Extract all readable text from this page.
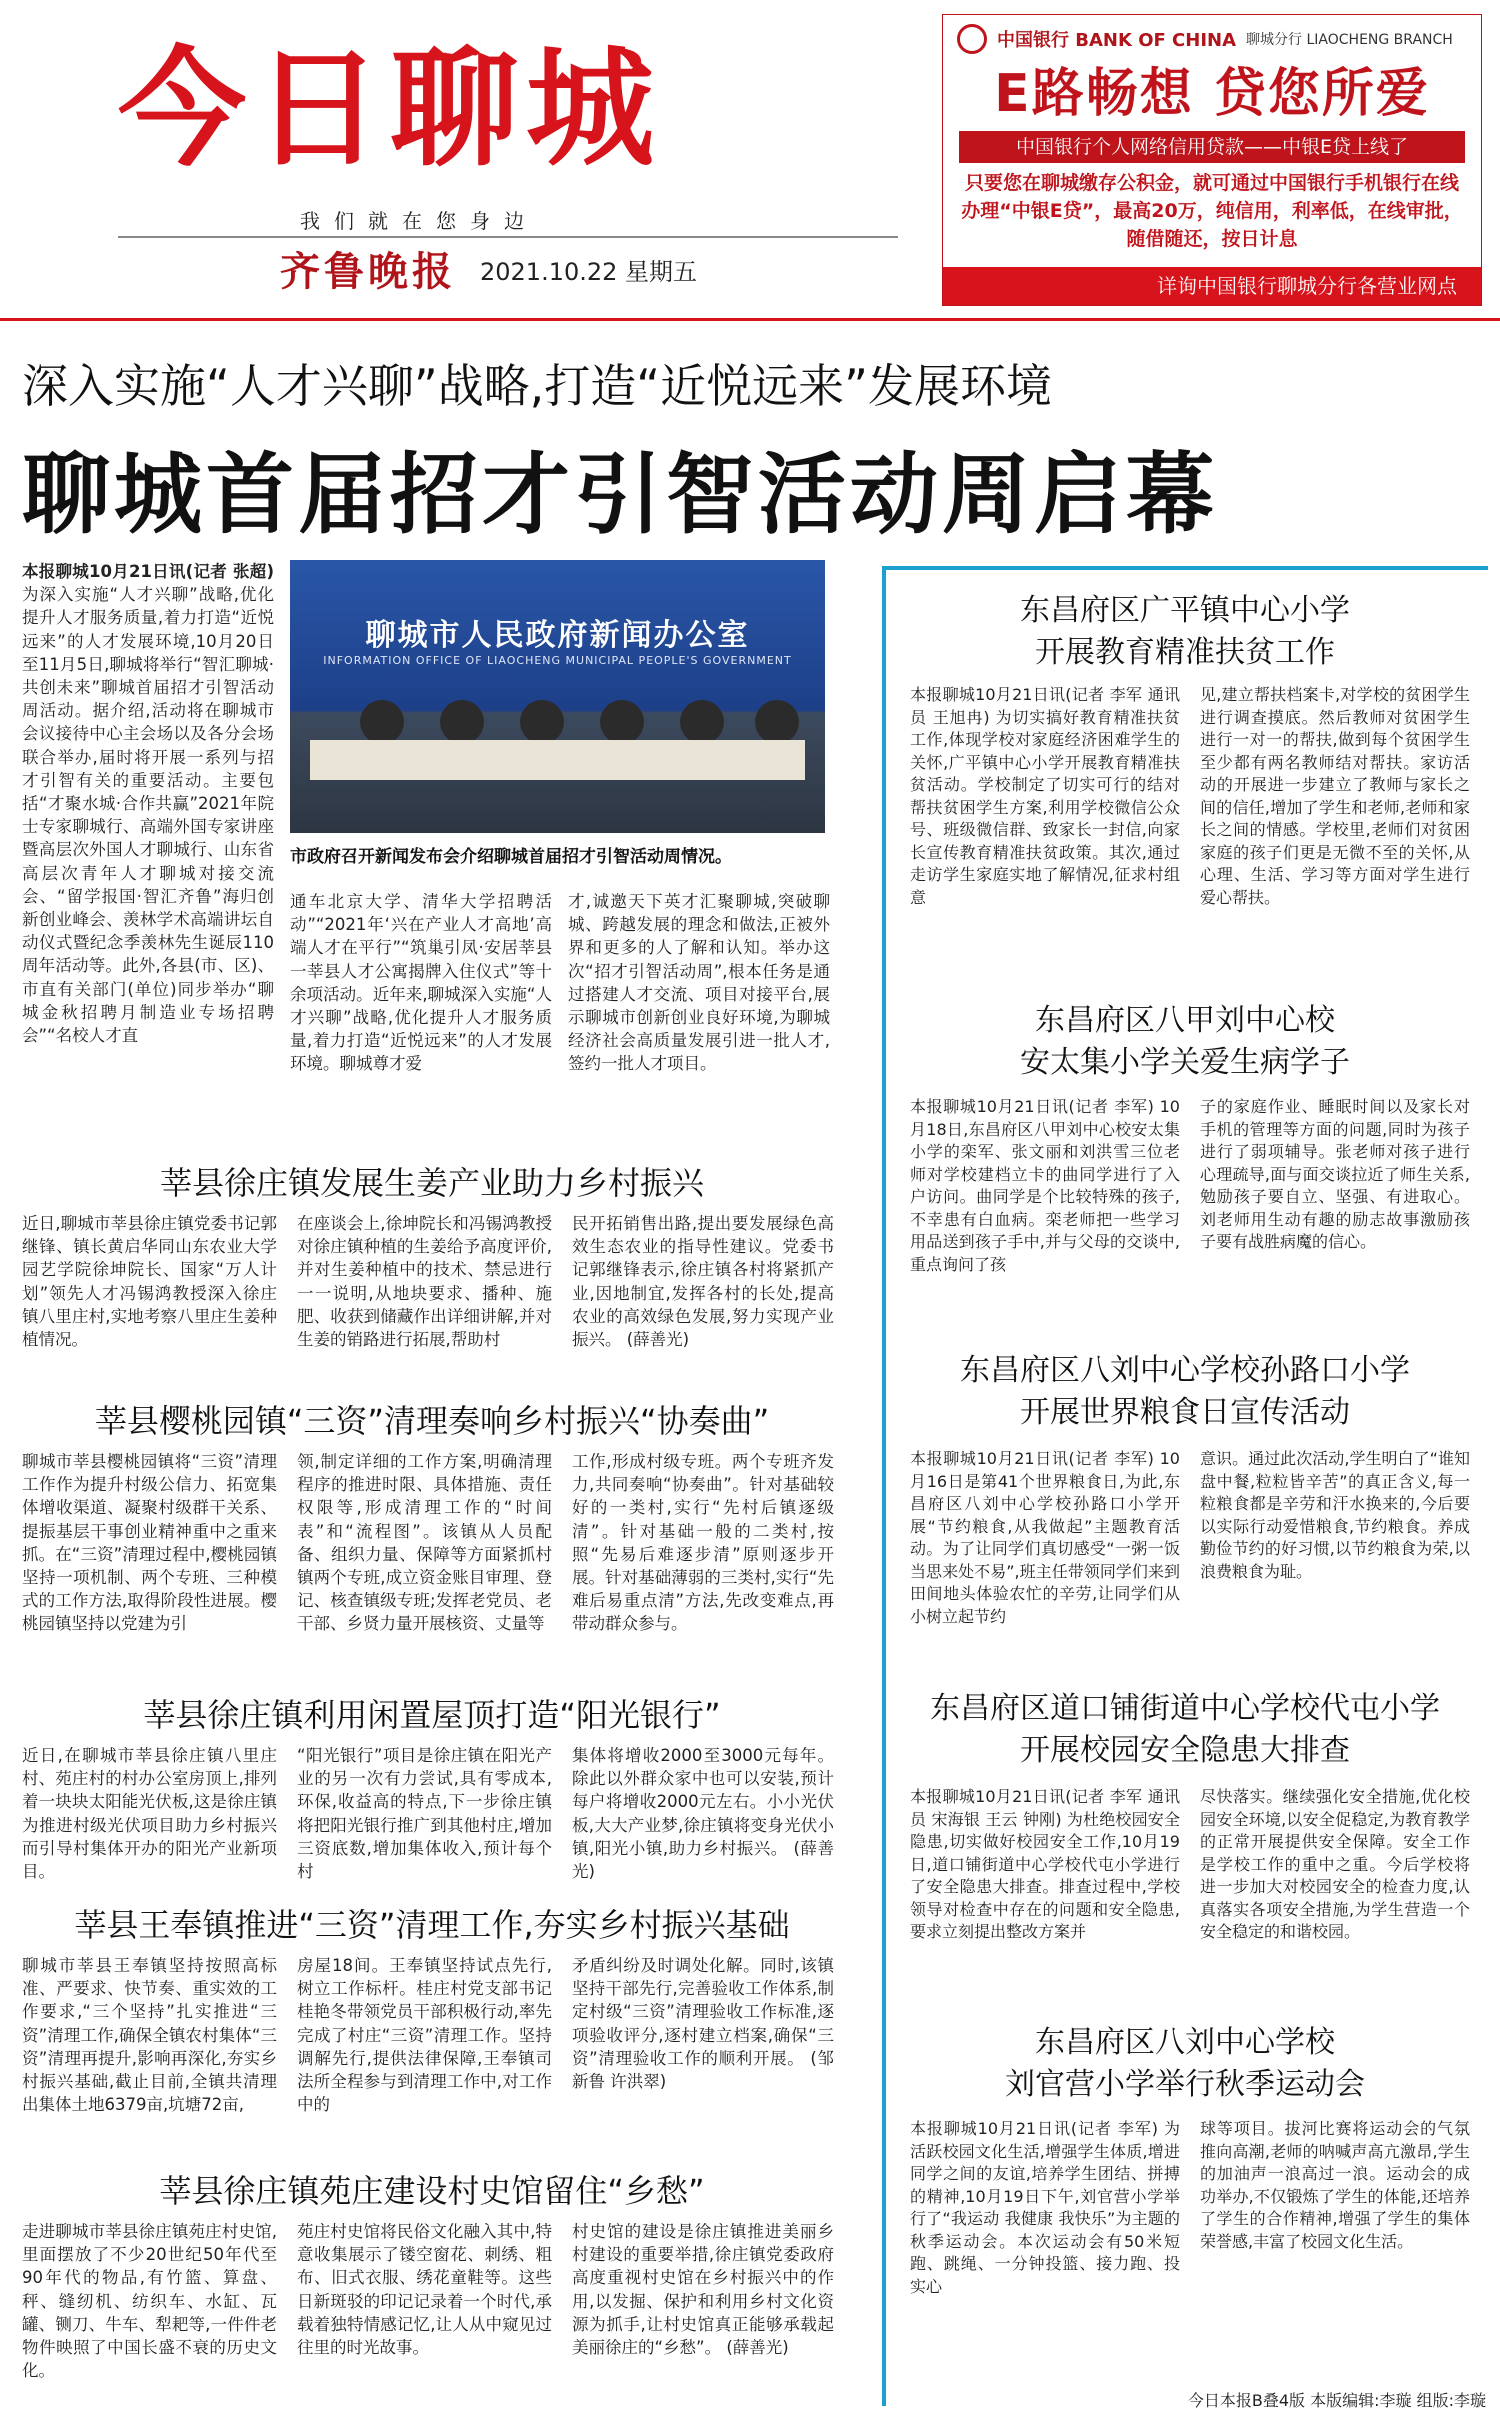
今日聊城
我们就在您身边
齐鲁晚报 2021.10.22 星期五
中国银行 BANK OF CHINA 聊城分行 LIAOCHENG BRANCH
E路畅想 贷您所爱
中国银行个人网络信用贷款——中银E贷上线了
只要您在聊城缴存公积金，就可通过中国银行手机银行在线办理“中银E贷”，最高20万，纯信用，利率低，在线审批，随借随还，按日计息
详询中国银行聊城分行各营业网点
深入实施“人才兴聊”战略,打造“近悦远来”发展环境
聊城首届招才引智活动周启幕
本报聊城10月21日讯(记者 张超) 为深入实施“人才兴聊”战略,优化提升人才服务质量,着力打造“近悦远来”的人才发展环境,10月20日至11月5日,聊城将举行“智汇聊城·共创未来”聊城首届招才引智活动周活动。据介绍,活动将在聊城市会议接待中心主会场以及各分会场联合举办,届时将开展一系列与招才引智有关的重要活动。主要包括“才聚水城·合作共赢”2021年院士专家聊城行、高端外国专家讲座暨高层次外国人才聊城行、山东省高层次青年人才聊城对接交流会、“留学报国·智汇齐鲁”海归创新创业峰会、羡林学术高端讲坛自动仪式暨纪念季羡林先生诞辰110周年活动等。此外,各县(市、区)、市直有关部门(单位)同步举办“聊城金秋招聘月制造业专场招聘会”“名校人才直
聊城市人民政府新闻办公室
INFORMATION OFFICE OF LIAOCHENG MUNICIPAL PEOPLE'S GOVERNMENT
市政府召开新闻发布会介绍聊城首届招才引智活动周情况。
通车北京大学、清华大学招聘活动”“2021年‘兴在产业人才高地’高端人才在平行”“筑巢引凤·安居莘县一莘县人才公寓揭牌入住仪式”等十余项活动。近年来,聊城深入实施“人才兴聊”战略,优化提升人才服务质量,着力打造“近悦远来”的人才发展环境。聊城尊才爱
才,诚邀天下英才汇聚聊城,突破聊城、跨越发展的理念和做法,正被外界和更多的人了解和认知。举办这次“招才引智活动周”,根本任务是通过搭建人才交流、项目对接平台,展示聊城市创新创业良好环境,为聊城经济社会高质量发展引进一批人才,签约一批人才项目。
莘县徐庄镇发展生姜产业助力乡村振兴
近日,聊城市莘县徐庄镇党委书记郭继锋、镇长黄启华同山东农业大学园艺学院徐坤院长、国家“万人计划”领先人才冯锡鸿教授深入徐庄镇八里庄村,实地考察八里庄生姜种植情况。
在座谈会上,徐坤院长和冯锡鸿教授对徐庄镇种植的生姜给予高度评价,并对生姜种植中的技术、禁忌进行一一说明,从地块要求、播种、施肥、收获到储藏作出详细讲解,并对生姜的销路进行拓展,帮助村
民开拓销售出路,提出要发展绿色高效生态农业的指导性建议。党委书记郭继锋表示,徐庄镇各村将紧抓产业,因地制宜,发挥各村的长处,提高农业的高效绿色发展,努力实现产业振兴。 (薛善光)
莘县樱桃园镇“三资”清理奏响乡村振兴“协奏曲”
聊城市莘县樱桃园镇将“三资”清理工作作为提升村级公信力、拓宽集体增收渠道、凝聚村级群干关系、提振基层干事创业精神重中之重来抓。在“三资”清理过程中,樱桃园镇坚持一项机制、两个专班、三种模式的工作方法,取得阶段性进展。樱桃园镇坚持以党建为引
领,制定详细的工作方案,明确清理程序的推进时限、具体措施、责任权限等,形成清理工作的“时间表”和“流程图”。该镇从人员配备、组织力量、保障等方面紧抓村镇两个专班,成立资金账目审理、登记、核查镇级专班;发挥老党员、老干部、乡贤力量开展核资、丈量等
工作,形成村级专班。两个专班齐发力,共同奏响“协奏曲”。针对基础较好的一类村,实行“先村后镇逐级清”。针对基础一般的二类村,按照“先易后难逐步清”原则逐步开展。针对基础薄弱的三类村,实行“先难后易重点清”方法,先改变难点,再带动群众参与。
莘县徐庄镇利用闲置屋顶打造“阳光银行”
近日,在聊城市莘县徐庄镇八里庄村、苑庄村的村办公室房顶上,排列着一块块太阳能光伏板,这是徐庄镇为推进村级光伏项目助力乡村振兴而引导村集体开办的阳光产业新项目。
“阳光银行”项目是徐庄镇在阳光产业的另一次有力尝试,具有零成本,环保,收益高的特点,下一步徐庄镇将把阳光银行推广到其他村庄,增加三资底数,增加集体收入,预计每个村
集体将增收2000至3000元每年。除此以外群众家中也可以安装,预计每户将增收2000元左右。小小光伏板,大大产业梦,徐庄镇将变身光伏小镇,阳光小镇,助力乡村振兴。 (薛善光)
莘县王奉镇推进“三资”清理工作,夯实乡村振兴基础
聊城市莘县王奉镇坚持按照高标准、严要求、快节奏、重实效的工作要求,“三个坚持”扎实推进“三资”清理工作,确保全镇农村集体“三资”清理再提升,影响再深化,夯实乡村振兴基础,截止目前,全镇共清理出集体土地6379亩,坑塘72亩,
房屋18间。王奉镇坚持试点先行,树立工作标杆。桂庄村党支部书记桂艳冬带领党员干部积极行动,率先完成了村庄“三资”清理工作。坚持调解先行,提供法律保障,王奉镇司法所全程参与到清理工作中,对工作中的
矛盾纠纷及时调处化解。同时,该镇坚持干部先行,完善验收工作体系,制定村级“三资”清理验收工作标准,逐项验收评分,逐村建立档案,确保“三资”清理验收工作的顺利开展。 (邹新鲁 许洪翠)
莘县徐庄镇苑庄建设村史馆留住“乡愁”
走进聊城市莘县徐庄镇苑庄村史馆,里面摆放了不少20世纪50年代至90年代的物品,有竹篮、算盘、秤、缝纫机、纺织车、水缸、瓦罐、铡刀、牛车、犁耙等,一件件老物件映照了中国长盛不衰的历史文化。
苑庄村史馆将民俗文化融入其中,特意收集展示了镂空窗花、刺绣、粗布、旧式衣服、绣花童鞋等。这些日新斑驳的印记记录着一个时代,承载着独特情感记忆,让人从中窥见过往里的时光故事。
村史馆的建设是徐庄镇推进美丽乡村建设的重要举措,徐庄镇党委政府高度重视村史馆在乡村振兴中的作用,以发掘、保护和利用乡村文化资源为抓手,让村史馆真正能够承载起美丽徐庄的“乡愁”。 (薛善光)
东昌府区广平镇中心小学
开展教育精准扶贫工作
本报聊城10月21日讯(记者 李军 通讯员 王旭冉) 为切实搞好教育精准扶贫工作,体现学校对家庭经济困难学生的关怀,广平镇中心小学开展教育精准扶贫活动。学校制定了切实可行的结对帮扶贫困学生方案,利用学校微信公众号、班级微信群、致家长一封信,向家长宣传教育精准扶贫政策。其次,通过走访学生家庭实地了解情况,征求村组意
见,建立帮扶档案卡,对学校的贫困学生进行调查摸底。然后教师对贫困学生进行一对一的帮扶,做到每个贫困学生至少都有两名教师结对帮扶。家访活动的开展进一步建立了教师与家长之间的信任,增加了学生和老师,老师和家长之间的情感。学校里,老师们对贫困家庭的孩子们更是无微不至的关怀,从心理、生活、学习等方面对学生进行爱心帮扶。
东昌府区八甲刘中心校
安太集小学关爱生病学子
本报聊城10月21日讯(记者 李军) 10月18日,东昌府区八甲刘中心校安太集小学的栾军、张文丽和刘洪雪三位老师对学校建档立卡的曲同学进行了入户访问。曲同学是个比较特殊的孩子,不幸患有白血病。栾老师把一些学习用品送到孩子手中,并与父母的交谈中,重点询问了孩
子的家庭作业、睡眠时间以及家长对手机的管理等方面的问题,同时为孩子进行了弱项辅导。张老师对孩子进行心理疏导,面与面交谈拉近了师生关系,勉励孩子要自立、坚强、有进取心。刘老师用生动有趣的励志故事激励孩子要有战胜病魔的信心。
东昌府区八刘中心学校孙路口小学
开展世界粮食日宣传活动
本报聊城10月21日讯(记者 李军) 10月16日是第41个世界粮食日,为此,东昌府区八刘中心学校孙路口小学开展“节约粮食,从我做起”主题教育活动。为了让同学们真切感受“一粥一饭当思来处不易”,班主任带领同学们来到田间地头体验农忙的辛劳,让同学们从小树立起节约
意识。通过此次活动,学生明白了“谁知盘中餐,粒粒皆辛苦”的真正含义,每一粒粮食都是辛劳和汗水换来的,今后要以实际行动爱惜粮食,节约粮食。养成勤俭节约的好习惯,以节约粮食为荣,以浪费粮食为耻。
东昌府区道口铺街道中心学校代屯小学
开展校园安全隐患大排查
本报聊城10月21日讯(记者 李军 通讯员 宋海银 王云 钟刚) 为杜绝校园安全隐患,切实做好校园安全工作,10月19日,道口铺街道中心学校代屯小学进行了安全隐患大排查。排查过程中,学校领导对检查中存在的问题和安全隐患,要求立刻提出整改方案并
尽快落实。继续强化安全措施,优化校园安全环境,以安全促稳定,为教育教学的正常开展提供安全保障。安全工作是学校工作的重中之重。今后学校将进一步加大对校园安全的检查力度,认真落实各项安全措施,为学生营造一个安全稳定的和谐校园。
东昌府区八刘中心学校
刘官营小学举行秋季运动会
本报聊城10月21日讯(记者 李军) 为活跃校园文化生活,增强学生体质,增进同学之间的友谊,培养学生团结、拼搏的精神,10月19日下午,刘官营小学举行了“我运动 我健康 我快乐”为主题的秋季运动会。本次运动会有50米短跑、跳绳、一分钟投篮、接力跑、投实心
球等项目。拔河比赛将运动会的气氛推向高潮,老师的呐喊声高亢激昂,学生的加油声一浪高过一浪。运动会的成功举办,不仅锻炼了学生的体能,还培养了学生的合作精神,增强了学生的集体荣誉感,丰富了校园文化生活。
今日本报B叠4版 本版编辑:李璇 组版:李璇
